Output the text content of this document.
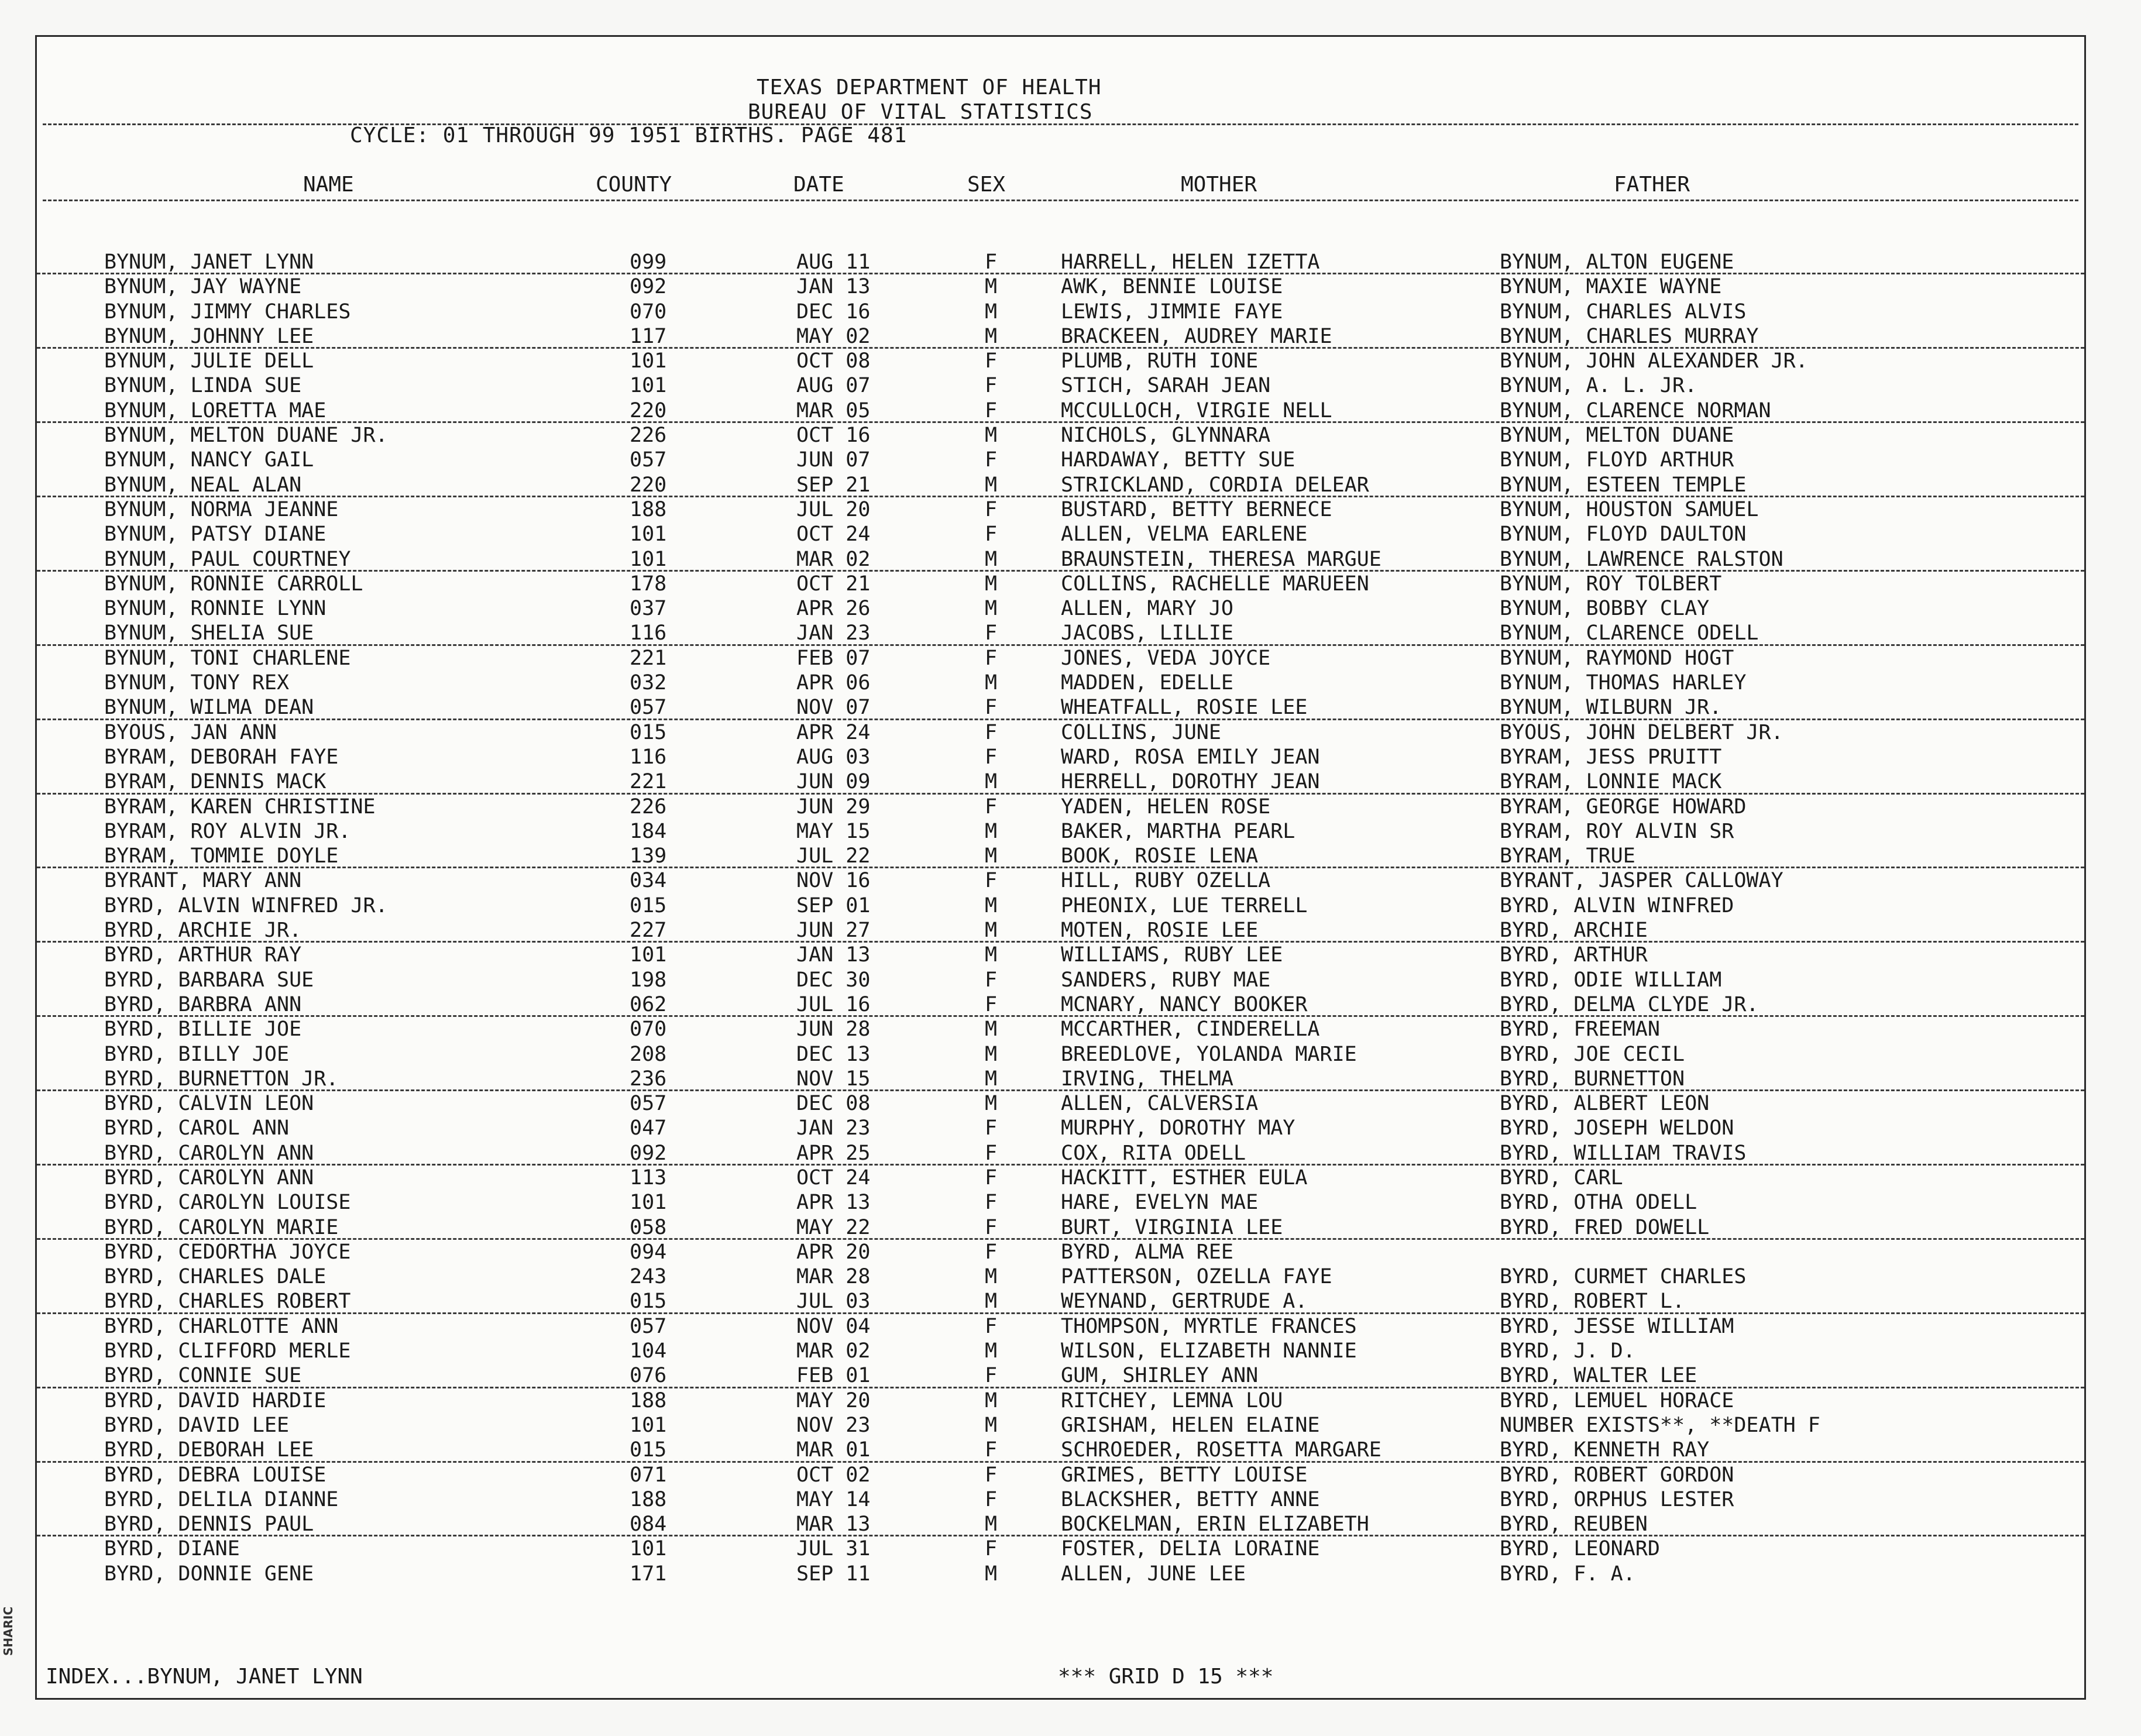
TEXAS DEPARTMENT OF HEALTH
BUREAU OF VITAL STATISTICS
CYCLE: 01 THROUGH 99 1951 BIRTHS. PAGE 481
NAME	COUNTY	DATE	SEX	MOTHER	FATHER
BYNUM, JANET LYNN	099	AUG 11	F	HARRELL, HELEN IZETTA	BYNUM, ALTON EUGENE
BYNUM, JAY WAYNE	092	JAN 13	M	AWK, BENNIE LOUISE	BYNUM, MAXIE WAYNE
BYNUM, JIMMY CHARLES	070	DEC 16	M	LEWIS, JIMMIE FAYE	BYNUM, CHARLES ALVIS
BYNUM, JOHNNY LEE	117	MAY 02	M	BRACKEEN, AUDREY MARIE	BYNUM, CHARLES MURRAY
BYNUM, JULIE DELL	101	OCT 08	F	PLUMB, RUTH IONE	BYNUM, JOHN ALEXANDER JR.
BYNUM, LINDA SUE	101	AUG 07	F	STICH, SARAH JEAN	BYNUM, A. L. JR.
BYNUM, LORETTA MAE	220	MAR 05	F	MCCULLOCH, VIRGIE NELL	BYNUM, CLARENCE NORMAN
BYNUM, MELTON DUANE JR.	226	OCT 16	M	NICHOLS, GLYNNARA	BYNUM, MELTON DUANE
BYNUM, NANCY GAIL	057	JUN 07	F	HARDAWAY, BETTY SUE	BYNUM, FLOYD ARTHUR
BYNUM, NEAL ALAN	220	SEP 21	M	STRICKLAND, CORDIA DELEAR	BYNUM, ESTEEN TEMPLE
BYNUM, NORMA JEANNE	188	JUL 20	F	BUSTARD, BETTY BERNECE	BYNUM, HOUSTON SAMUEL
BYNUM, PATSY DIANE	101	OCT 24	F	ALLEN, VELMA EARLENE	BYNUM, FLOYD DAULTON
BYNUM, PAUL COURTNEY	101	MAR 02	M	BRAUNSTEIN, THERESA MARGUE	BYNUM, LAWRENCE RALSTON
BYNUM, RONNIE CARROLL	178	OCT 21	M	COLLINS, RACHELLE MARUEEN	BYNUM, ROY TOLBERT
BYNUM, RONNIE LYNN	037	APR 26	M	ALLEN, MARY JO	BYNUM, BOBBY CLAY
BYNUM, SHELIA SUE	116	JAN 23	F	JACOBS, LILLIE	BYNUM, CLARENCE ODELL
BYNUM, TONI CHARLENE	221	FEB 07	F	JONES, VEDA JOYCE	BYNUM, RAYMOND HOGT
BYNUM, TONY REX	032	APR 06	M	MADDEN, EDELLE	BYNUM, THOMAS HARLEY
BYNUM, WILMA DEAN	057	NOV 07	F	WHEATFALL, ROSIE LEE	BYNUM, WILBURN JR.
BYOUS, JAN ANN	015	APR 24	F	COLLINS, JUNE	BYOUS, JOHN DELBERT JR.
BYRAM, DEBORAH FAYE	116	AUG 03	F	WARD, ROSA EMILY JEAN	BYRAM, JESS PRUITT
BYRAM, DENNIS MACK	221	JUN 09	M	HERRELL, DOROTHY JEAN	BYRAM, LONNIE MACK
BYRAM, KAREN CHRISTINE	226	JUN 29	F	YADEN, HELEN ROSE	BYRAM, GEORGE HOWARD
BYRAM, ROY ALVIN JR.	184	MAY 15	M	BAKER, MARTHA PEARL	BYRAM, ROY ALVIN SR
BYRAM, TOMMIE DOYLE	139	JUL 22	M	BOOK, ROSIE LENA	BYRAM, TRUE
BYRANT, MARY ANN	034	NOV 16	F	HILL, RUBY OZELLA	BYRANT, JASPER CALLOWAY
BYRD, ALVIN WINFRED JR.	015	SEP 01	M	PHEONIX, LUE TERRELL	BYRD, ALVIN WINFRED
BYRD, ARCHIE JR.	227	JUN 27	M	MOTEN, ROSIE LEE	BYRD, ARCHIE
BYRD, ARTHUR RAY	101	JAN 13	M	WILLIAMS, RUBY LEE	BYRD, ARTHUR
BYRD, BARBARA SUE	198	DEC 30	F	SANDERS, RUBY MAE	BYRD, ODIE WILLIAM
BYRD, BARBRA ANN	062	JUL 16	F	MCNARY, NANCY BOOKER	BYRD, DELMA CLYDE JR.
BYRD, BILLIE JOE	070	JUN 28	M	MCCARTHER, CINDERELLA	BYRD, FREEMAN
BYRD, BILLY JOE	208	DEC 13	M	BREEDLOVE, YOLANDA MARIE	BYRD, JOE CECIL
BYRD, BURNETTON JR.	236	NOV 15	M	IRVING, THELMA	BYRD, BURNETTON
BYRD, CALVIN LEON	057	DEC 08	M	ALLEN, CALVERSIA	BYRD, ALBERT LEON
BYRD, CAROL ANN	047	JAN 23	F	MURPHY, DOROTHY MAY	BYRD, JOSEPH WELDON
BYRD, CAROLYN ANN	092	APR 25	F	COX, RITA ODELL	BYRD, WILLIAM TRAVIS
BYRD, CAROLYN ANN	113	OCT 24	F	HACKITT, ESTHER EULA	BYRD, CARL
BYRD, CAROLYN LOUISE	101	APR 13	F	HARE, EVELYN MAE	BYRD, OTHA ODELL
BYRD, CAROLYN MARIE	058	MAY 22	F	BURT, VIRGINIA LEE	BYRD, FRED DOWELL
BYRD, CEDORTHA JOYCE	094	APR 20	F	BYRD, ALMA REE
BYRD, CHARLES DALE	243	MAR 28	M	PATTERSON, OZELLA FAYE	BYRD, CURMET CHARLES
BYRD, CHARLES ROBERT	015	JUL 03	M	WEYNAND, GERTRUDE A.	BYRD, ROBERT L.
BYRD, CHARLOTTE ANN	057	NOV 04	F	THOMPSON, MYRTLE FRANCES	BYRD, JESSE WILLIAM
BYRD, CLIFFORD MERLE	104	MAR 02	M	WILSON, ELIZABETH NANNIE	BYRD, J. D.
BYRD, CONNIE SUE	076	FEB 01	F	GUM, SHIRLEY ANN	BYRD, WALTER LEE
BYRD, DAVID HARDIE	188	MAY 20	M	RITCHEY, LEMNA LOU	BYRD, LEMUEL HORACE
BYRD, DAVID LEE	101	NOV 23	M	GRISHAM, HELEN ELAINE	NUMBER EXISTS**, **DEATH F
BYRD, DEBORAH LEE	015	MAR 01	F	SCHROEDER, ROSETTA MARGARE	BYRD, KENNETH RAY
BYRD, DEBRA LOUISE	071	OCT 02	F	GRIMES, BETTY LOUISE	BYRD, ROBERT GORDON
BYRD, DELILA DIANNE	188	MAY 14	F	BLACKSHER, BETTY ANNE	BYRD, ORPHUS LESTER
BYRD, DENNIS PAUL	084	MAR 13	M	BOCKELMAN, ERIN ELIZABETH	BYRD, REUBEN
BYRD, DIANE	101	JUL 31	F	FOSTER, DELIA LORAINE	BYRD, LEONARD
BYRD, DONNIE GENE	171	SEP 11	M	ALLEN, JUNE LEE	BYRD, F. A.
INDEX...BYNUM, JANET LYNN	*** GRID D 15 ***
SHARIC
